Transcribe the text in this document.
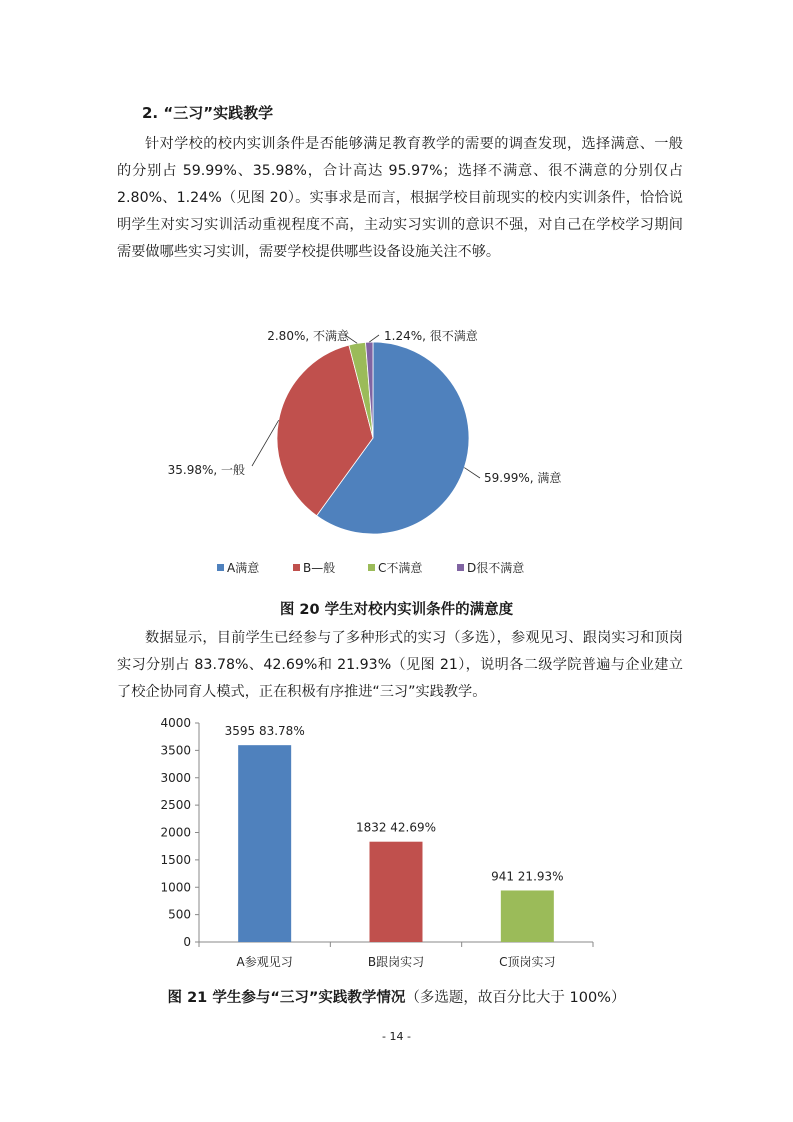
2. “三习”实践教学

针对学校的校内实训条件是否能够满足教育教学的需要的调查发现，选择满意、一般的分别占 59.99%、35.98%，合计高达 95.97%；选择不满意、很不满意的分别仅占 2.80%、1.24%（见图 20）。实事求是而言，根据学校目前现实的校内实训条件，恰恰说明学生对实习实训活动重视程度不高，主动实习实训的意识不强，对自己在学校学习期间需要做哪些实习实训，需要学校提供哪些设备设施关注不够。

59.99%, 满意
35.98%, 一般
2.80%, 不满意	1.24%, 很不满意
A满意	B—般	C不满意	D很不满意
图 20 学生对校内实训条件的满意度

数据显示，目前学生已经参与了多种形式的实习（多选），参观见习、跟岗实习和顶岗实习分别占 83.78%、42.69%和 21.93%（见图 21），说明各二级学院普遍与企业建立了校企协同育人模式，正在积极有序推进“三习”实践教学。

0
500
1000
1500
2000
2500
3000
3500
4000
3595 83.78%
A参观见习
1832 42.69%
B跟岗实习
941 21.93%
C顶岗实习
图 21 学生参与“三习”实践教学情况（多选题，故百分比大于 100%）
- 14 -
